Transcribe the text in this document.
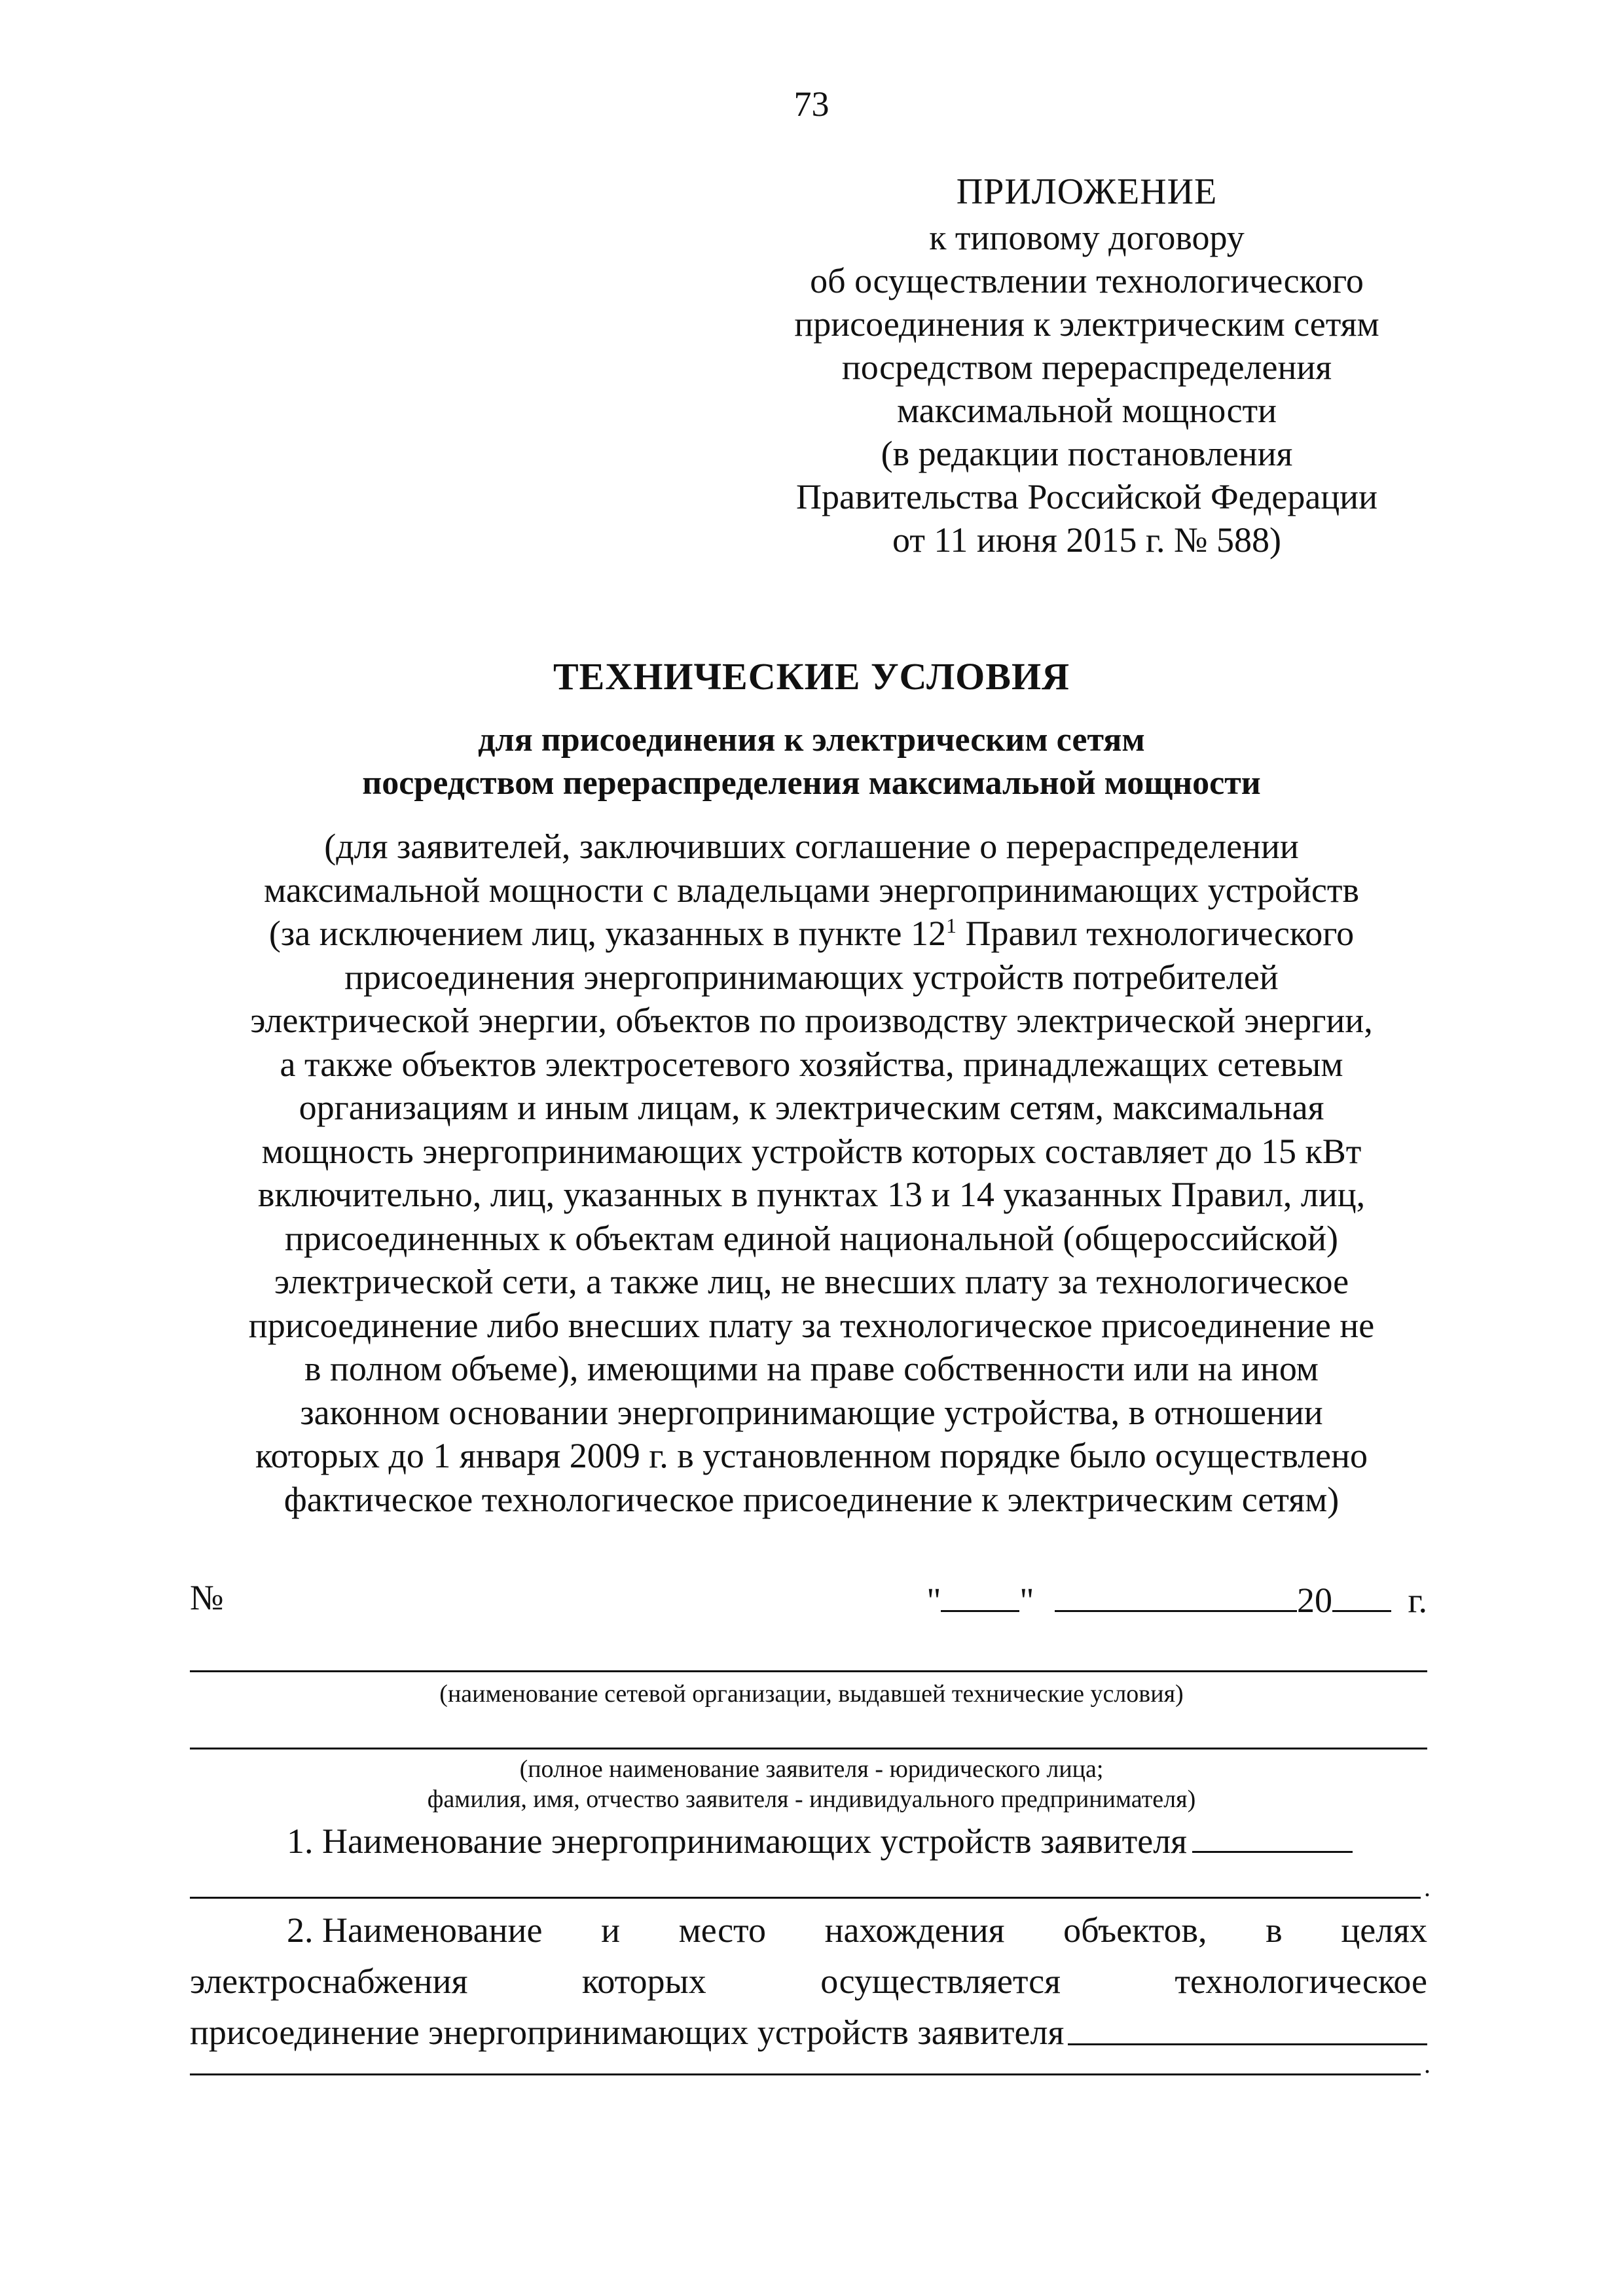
73
ПРИЛОЖЕНИЕ
к типовому договору
об осуществлении технологического
присоединения к электрическим сетям
посредством перераспределения
максимальной мощности
(в редакции постановления
Правительства Российской Федерации
от 11 июня 2015 г. № 588)
ТЕХНИЧЕСКИЕ УСЛОВИЯ
для присоединения к электрическим сетям
посредством перераспределения максимальной мощности
(для заявителей, заключивших соглашение о перераспределении
максимальной мощности с владельцами энергопринимающих устройств
(за исключением лиц, указанных в пункте $12^1$ Правил технологического
присоединения энергопринимающих устройств потребителей
электрической энергии, объектов по производству электрической энергии,
а также объектов электросетевого хозяйства, принадлежащих сетевым
организациям и иным лицам, к электрическим сетям, максимальная
мощность энергопринимающих устройств которых составляет до 15 кВт
включительно, лиц, указанных в пунктах 13 и 14 указанных Правил, лиц,
присоединенных к объектам единой национальной (общероссийской)
электрической сети, а также лиц, не внесших плату за технологическое
присоединение либо внесших плату за технологическое присоединение не
в полном объеме), имеющими на праве собственности или на ином
законном основании энергопринимающие устройства, в отношении
которых до 1 января 2009 г. в установленном порядке было осуществлено
фактическое технологическое присоединение к электрическим сетям)
№	" "	20 г.
(наименование сетевой организации, выдавшей технические условия)
(полное наименование заявителя - юридического лица;
фамилия, имя, отчество заявителя - индивидуального предпринимателя)
1. Наименование энергопринимающих устройств заявителя
.
2. Наименование и место нахождения объектов, в целях
электроснабжения	которых	осуществляется	технологическое
присоединение энергопринимающих устройств заявителя
.
